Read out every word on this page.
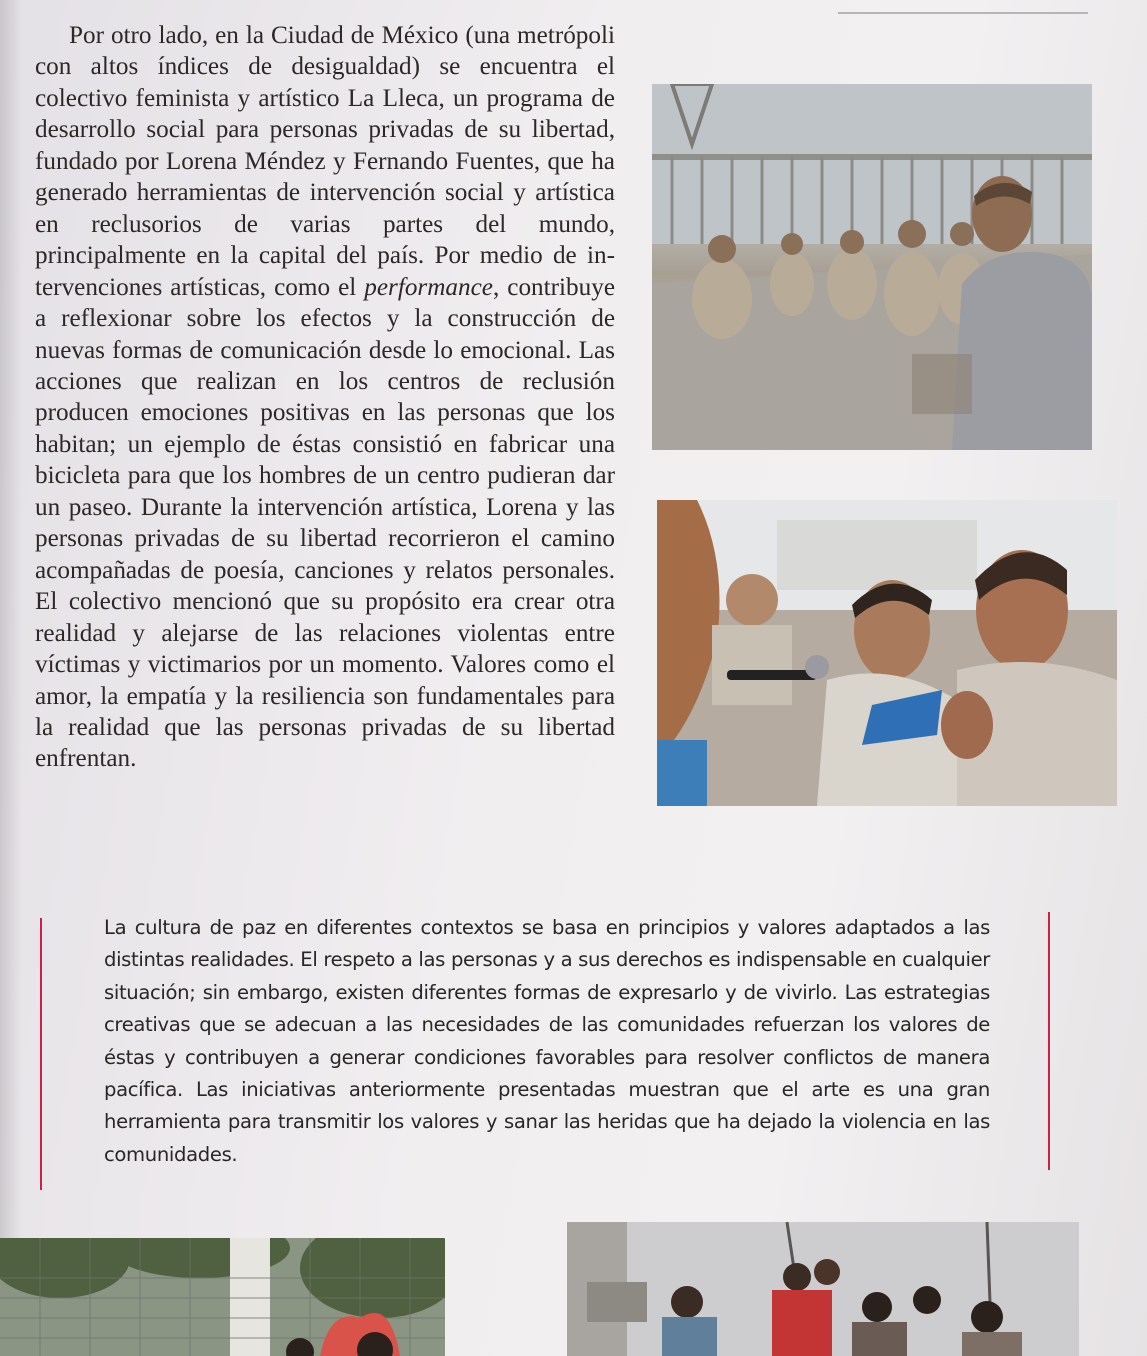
Por otro lado, en la Ciudad de México (una metrópoli con altos índices de desigualdad) se encuentra el colectivo feminista y artístico La Lleca, un programa de desarrollo social para personas privadas de su libertad, fundado por Lorena Méndez y Fernando Fuentes, que ha generado herramientas de intervención social y artística en reclusorios de varias partes del mundo, principalmente en la capital del país. Por medio de intervenciones artísticas, como el performance, contribuye a reflexionar sobre los efectos y la construcción de nuevas formas de comunicación desde lo emocional. Las acciones que realizan en los centros de reclusión producen emociones positivas en las personas que los habitan; un ejemplo de éstas consistió en fabricar una bicicleta para que los hombres de un centro pudieran dar un paseo. Durante la intervención artística, Lorena y las personas privadas de su libertad recorrieron el camino acompañadas de poesía, canciones y relatos personales. El colectivo mencionó que su propósito era crear otra realidad y alejarse de las relaciones violentas entre víctimas y victimarios por un momento. Valores como el amor, la empatía y la resiliencia son fundamentales para la realidad que las personas privadas de su libertad enfrentan.

La cultura de paz en diferentes contextos se basa en principios y valores adaptados a las distintas realidades. El respeto a las personas y a sus derechos es indispensable en cualquier situación; sin embargo, existen diferentes formas de expresarlo y de vivirlo. Las estrategias creativas que se adecuan a las necesidades de las comunidades refuerzan los valores de éstas y contribuyen a generar condiciones favorables para resolver conflictos de manera pacífica. Las iniciativas anteriormente presentadas muestran que el arte es una gran herramienta para transmitir los valores y sanar las heridas que ha dejado la violencia en las comunidades.
